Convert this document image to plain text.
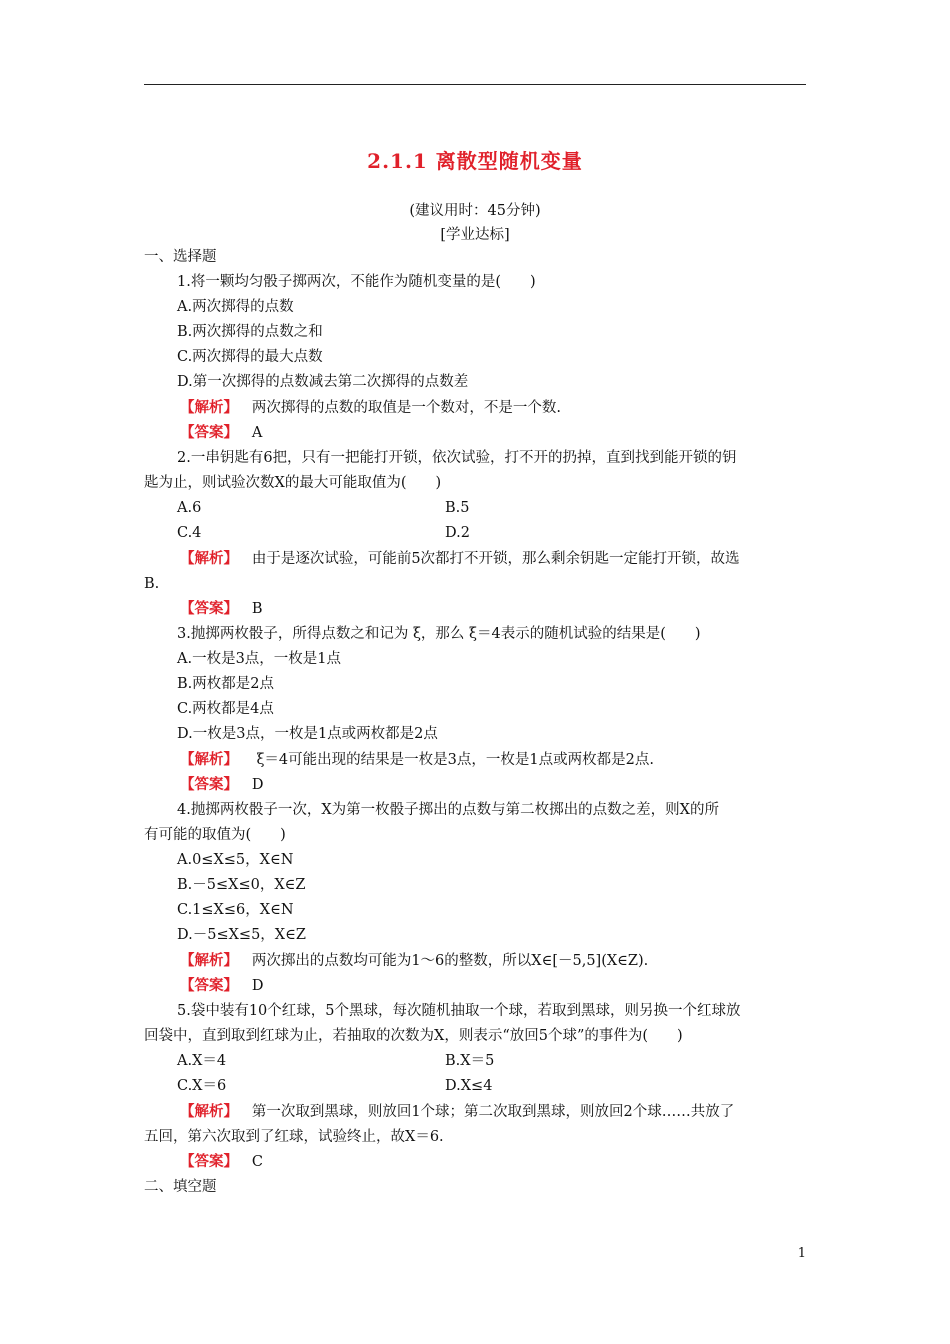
2.1.1 离散型随机变量
(建议用时：45分钟)
[学业达标]
一、选择题
1.将一颗均匀骰子掷两次，不能作为随机变量的是(　　)
A.两次掷得的点数
B.两次掷得的点数之和
C.两次掷得的最大点数
D.第一次掷得的点数减去第二次掷得的点数差
【解析】 两次掷得的点数的取值是一个数对，不是一个数.
【答案】 A
2.一串钥匙有6把，只有一把能打开锁，依次试验，打不开的扔掉，直到找到能开锁的钥
匙为止，则试验次数X的最大可能取值为(　　)
A.6	B.5
C.4	D.2
【解析】 由于是逐次试验，可能前5次都打不开锁，那么剩余钥匙一定能打开锁，故选
B.
【答案】 B
3.抛掷两枚骰子，所得点数之和记为 ξ，那么 ξ＝4表示的随机试验的结果是(　　)
A.一枚是3点，一枚是1点
B.两枚都是2点
C.两枚都是4点
D.一枚是3点，一枚是1点或两枚都是2点
【解析】 ξ＝4可能出现的结果是一枚是3点，一枚是1点或两枚都是2点.
【答案】 D
4.抛掷两枚骰子一次，X为第一枚骰子掷出的点数与第二枚掷出的点数之差，则X的所
有可能的取值为(　　)
A.0≤X≤5，X∈N
B.－5≤X≤0，X∈Z
C.1≤X≤6，X∈N
D.－5≤X≤5，X∈Z
【解析】 两次掷出的点数均可能为1～6的整数，所以X∈[－5,5](X∈Z).
【答案】 D
5.袋中装有10个红球，5个黑球，每次随机抽取一个球，若取到黑球，则另换一个红球放
回袋中，直到取到红球为止，若抽取的次数为X，则表示“放回5个球”的事件为(　　)
A.X＝4	B.X＝5
C.X＝6	D.X≤4
【解析】 第一次取到黑球，则放回1个球；第二次取到黑球，则放回2个球……共放了
五回，第六次取到了红球，试验终止，故X＝6.
【答案】 C
二、填空题
1
